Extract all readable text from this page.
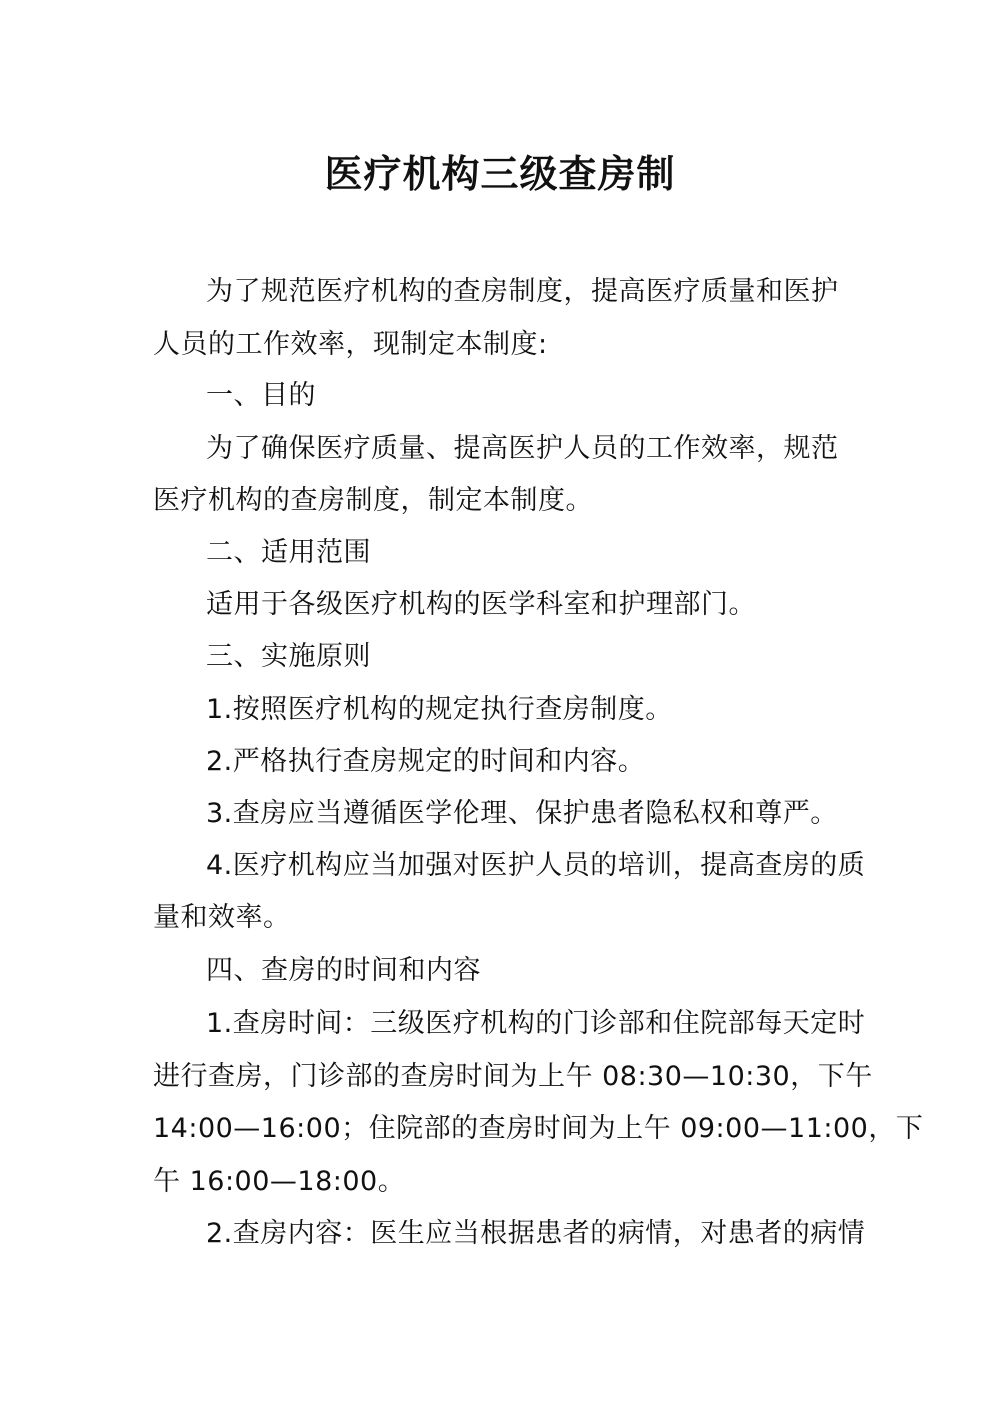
医疗机构三级查房制
为了规范医疗机构的查房制度，提高医疗质量和医护
人员的工作效率，现制定本制度:
一、目的
为了确保医疗质量、提高医护人员的工作效率，规范
医疗机构的查房制度，制定本制度。
二、适用范围
适用于各级医疗机构的医学科室和护理部门。
三、实施原则
1.按照医疗机构的规定执行查房制度。
2.严格执行查房规定的时间和内容。
3.查房应当遵循医学伦理、保护患者隐私权和尊严。
4.医疗机构应当加强对医护人员的培训，提高查房的质
量和效率。
四、查房的时间和内容
1.查房时间：三级医疗机构的门诊部和住院部每天定时
进行查房，门诊部的查房时间为上午 08:30—10:30，下午
14:00—16:00；住院部的查房时间为上午 09:00—11:00，下
午 16:00—18:00。
2.查房内容：医生应当根据患者的病情，对患者的病情
